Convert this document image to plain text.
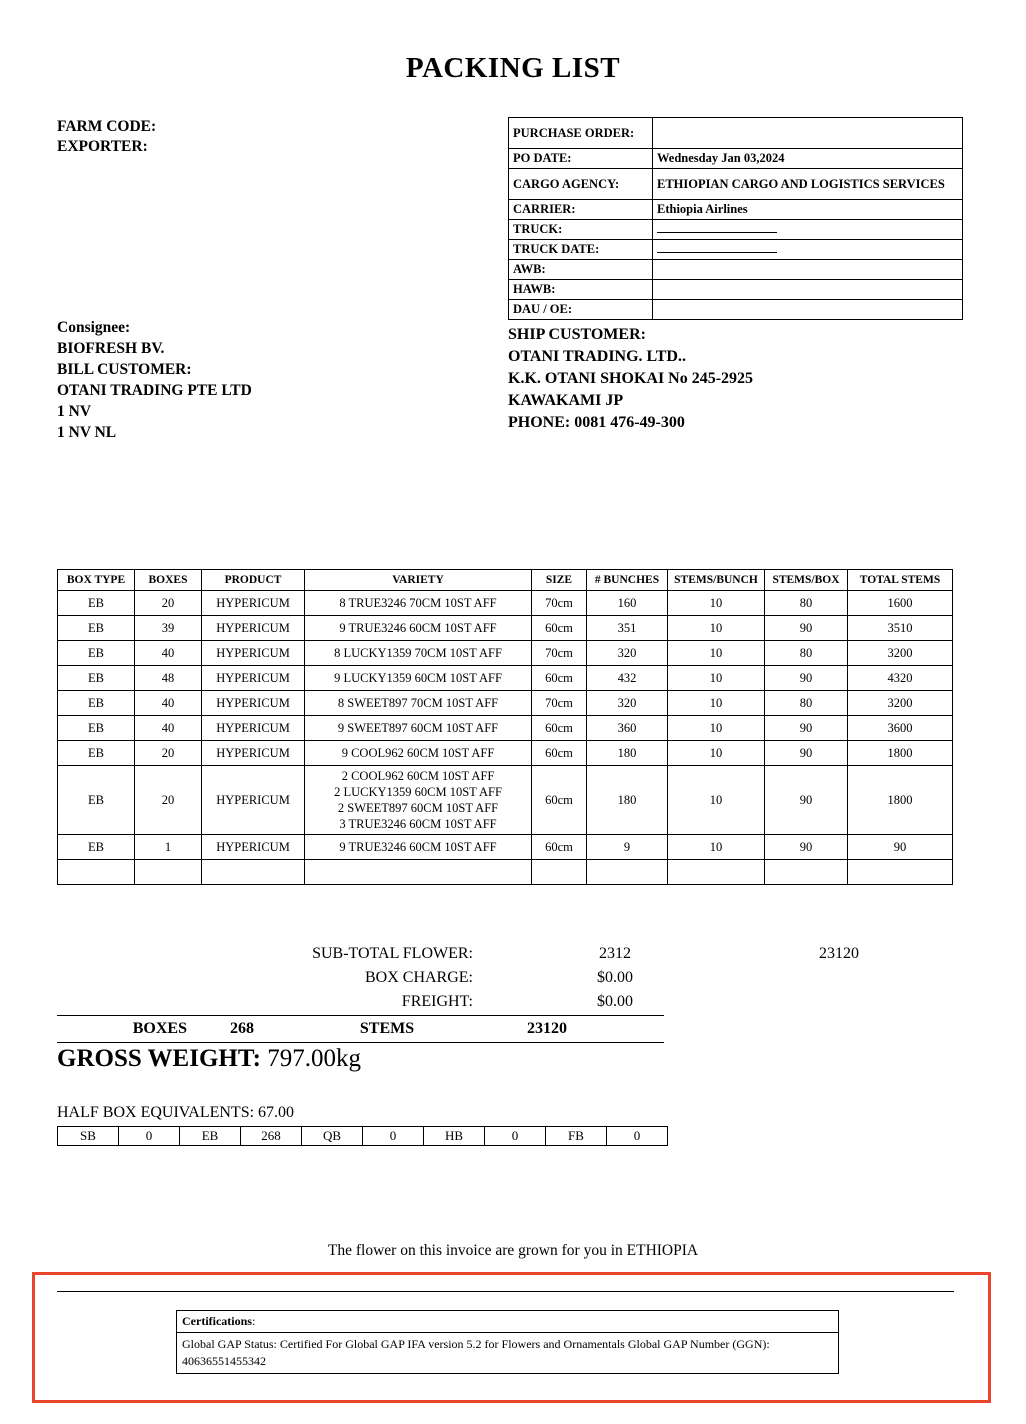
PACKING LIST
FARM CODE:
EXPORTER:
PURCHASE ORDER:	
PO DATE:	Wednesday Jan 03,2024
CARGO AGENCY:	ETHIOPIAN CARGO AND LOGISTICS SERVICES
CARRIER:	Ethiopia Airlines
TRUCK:	
TRUCK DATE:	
AWB:	
HAWB:	
DAU / OE:	
Consignee:
BIOFRESH BV.
BILL CUSTOMER:
OTANI TRADING PTE LTD
1 NV
1 NV NL
SHIP CUSTOMER:
OTANI TRADING. LTD..
K.K. OTANI SHOKAI No 245-2925
KAWAKAMI JP
PHONE: 0081 476-49-300
BOX TYPE	BOXES	PRODUCT	VARIETY	SIZE	# BUNCHES	STEMS/BUNCH	STEMS/BOX	TOTAL STEMS
EB	20	HYPERICUM	8 TRUE3246 70CM 10ST AFF	70cm	160	10	80	1600
EB	39	HYPERICUM	9 TRUE3246 60CM 10ST AFF	60cm	351	10	90	3510
EB	40	HYPERICUM	8 LUCKY1359 70CM 10ST AFF	70cm	320	10	80	3200
EB	48	HYPERICUM	9 LUCKY1359 60CM 10ST AFF	60cm	432	10	90	4320
EB	40	HYPERICUM	8 SWEET897 70CM 10ST AFF	70cm	320	10	80	3200
EB	40	HYPERICUM	9 SWEET897 60CM 10ST AFF	60cm	360	10	90	3600
EB	20	HYPERICUM	9 COOL962 60CM 10ST AFF	60cm	180	10	90	1800
EB	20	HYPERICUM	2 COOL962 60CM 10ST AFF
2 LUCKY1359 60CM 10ST AFF
2 SWEET897 60CM 10ST AFF
3 TRUE3246 60CM 10ST AFF	60cm	180	10	90	1800
EB	1	HYPERICUM	9 TRUE3246 60CM 10ST AFF	60cm	9	10	90	90

SUB-TOTAL FLOWER:	2312	23120
BOX CHARGE:	$0.00
FREIGHT:	$0.00
BOXES	268	STEMS	23120
GROSS WEIGHT: 797.00kg
HALF BOX EQUIVALENTS: 67.00
SB	0	EB	268	QB	0	HB	0	FB	0
The flower on this invoice are grown for you in ETHIOPIA
Certifications:
Global GAP Status: Certified For Global GAP IFA version 5.2 for Flowers and Ornamentals Global GAP Number (GGN): 40636551455342
